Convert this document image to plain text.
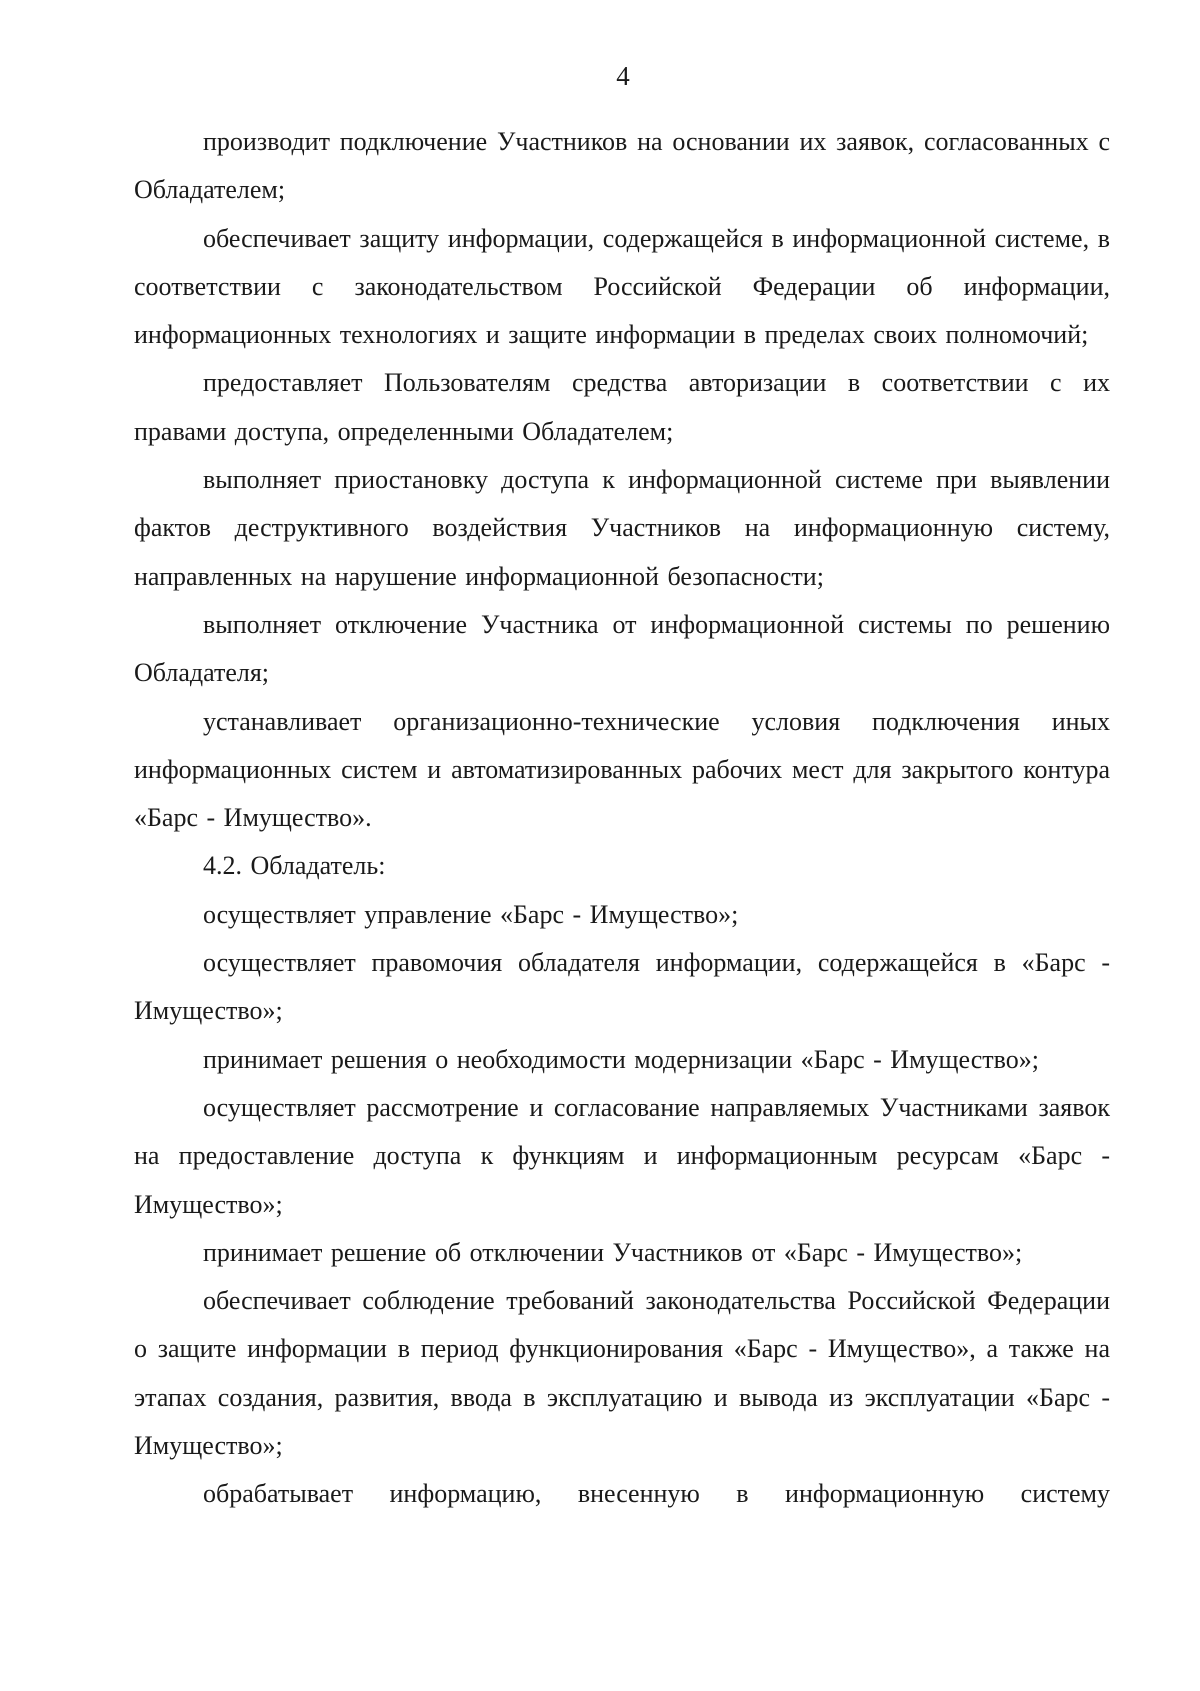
4

производит подключение Участников на основании их заявок, согласованных с Обладателем;

обеспечивает защиту информации, содержащейся в информационной системе, в соответствии с законодательством Российской Федерации об информации, информационных технологиях и защите информации в пределах своих полномочий;

предоставляет Пользователям средства авторизации в соответствии с их правами доступа, определенными Обладателем;

выполняет приостановку доступа к информационной системе при выявлении фактов деструктивного воздействия Участников на информационную систему, направленных на нарушение информационной безопасности;

выполняет отключение Участника от информационной системы по решению Обладателя;

устанавливает организационно-технические условия подключения иных информационных систем и автоматизированных рабочих мест для закрытого контура «Барс - Имущество».

4.2. Обладатель:

осуществляет управление «Барс - Имущество»;

осуществляет правомочия обладателя информации, содержащейся в «Барс - Имущество»;

принимает решения о необходимости модернизации «Барс - Имущество»;

осуществляет рассмотрение и согласование направляемых Участниками заявок на предоставление доступа к функциям и информационным ресурсам «Барс - Имущество»;

принимает решение об отключении Участников от «Барс - Имущество»;

обеспечивает соблюдение требований законодательства Российской Федерации о защите информации в период функционирования «Барс - Имущество», а также на этапах создания, развития, ввода в эксплуатацию и вывода из эксплуатации «Барс - Имущество»;

обрабатывает информацию, внесенную в информационную систему
